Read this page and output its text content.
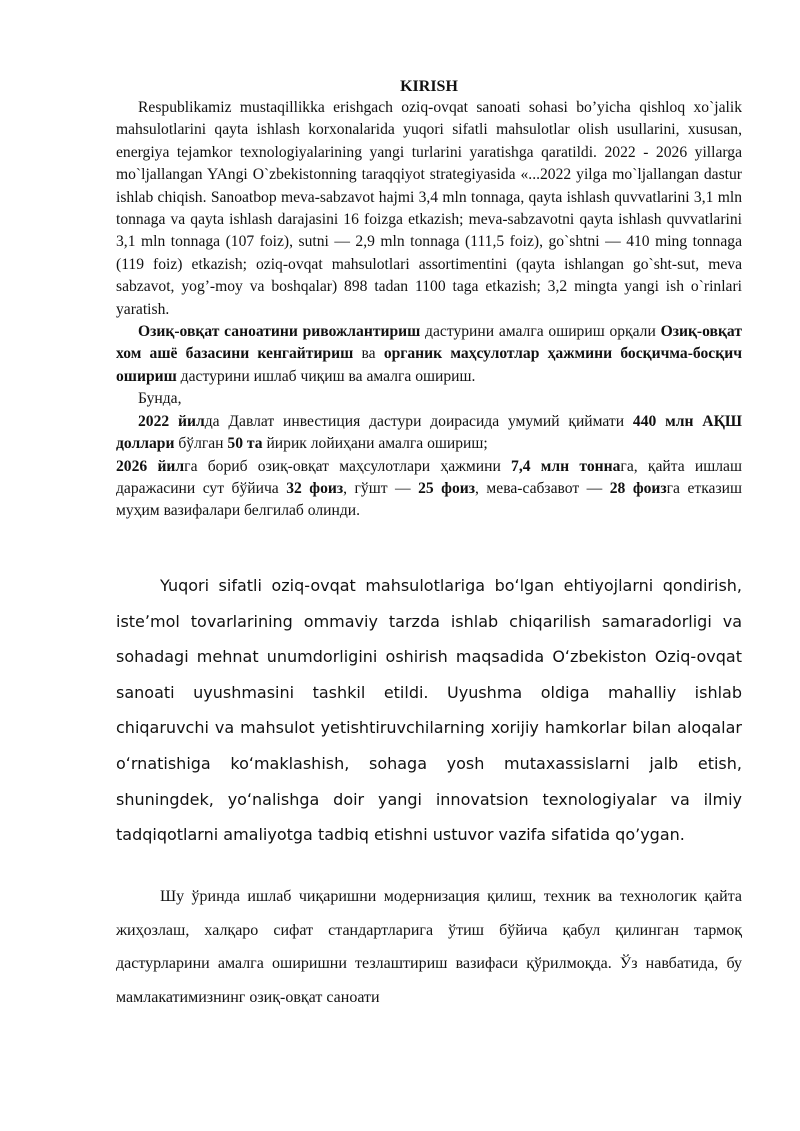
KIRISH

Respublikamiz mustaqillikka erishgach oziq-ovqat sanoati sohasi bo’yicha qishloq xo`jalik mahsulotlarini qayta ishlash korxonalarida yuqori sifatli mahsulotlar olish usullarini, xususan, energiya tejamkor texnologiyalarining yangi turlarini yaratishga qaratildi. 2022 - 2026 yillarga mo`ljallangan YAngi O`zbekistonning taraqqiyot strategiyasida «...2022 yilga mo`ljallangan dastur ishlab chiqish. Sanoatbop meva-sabzavot hajmi 3,4 mln tonnaga, qayta ishlash quvvatlarini 3,1 mln tonnaga va qayta ishlash darajasini 16 foizga etkazish; meva-sabzavotni qayta ishlash quvvatlarini 3,1 mln tonnaga (107 foiz), sutni — 2,9 mln tonnaga (111,5 foiz), go`shtni — 410 ming tonnaga (119 foiz) etkazish; oziq-ovqat mahsulotlari assortimentini (qayta ishlangan go`sht-sut, meva sabzavot, yog’-moy va boshqalar) 898 tadan 1100 taga etkazish; 3,2 mingta yangi ish o`rinlari yaratish.

Озиқ-овқат саноатини ривожлантириш дастурини амалга ошириш орқали Озиқ-овқат хом ашё базасини кенгайтириш ва органик маҳсулотлар ҳажмини босқичма-босқич ошириш дастурини ишлаб чиқиш ва амалга ошириш.

Бунда,

2022 йилда Давлат инвестиция дастури доирасида умумий қиймати 440 млн АҚШ доллари бўлган 50 та йирик лойиҳани амалга ошириш;

2026 йилга бориб озиқ-овқат маҳсулотлари ҳажмини 7,4 млн тоннага, қайта ишлаш даражасини сут бўйича 32 фоиз, гўшт — 25 фоиз, мева-сабзавот — 28 фоизга етказиш муҳим вазифалари белгилаб олинди.

Yuqori sifatli oziq-ovqat mahsulotlariga boʻlgan ehtiyojlarni qondirish, isteʼmol tovarlarining ommaviy tarzda ishlab chiqarilish samaradorligi va sohadagi mehnat unumdorligini oshirish maqsadida Oʻzbekiston Oziq-ovqat sanoati uyushmasini tashkil etildi. Uyushma oldiga mahalliy ishlab chiqaruvchi va mahsulot yetishtiruvchilarning xorijiy hamkorlar bilan aloqalar oʻrnatishiga koʻmaklashish, sohaga yosh mutaxassislarni jalb etish, shuningdek, yoʻnalishga doir yangi innovatsion texnologiyalar va ilmiy tadqiqotlarni amaliyotga tadbiq etishni ustuvor vazifa sifatida qo’ygan.
Шу ўринда ишлаб чиқаришни модернизация қилиш, техник ва технологик қайта жиҳозлаш, халқаро сифат стандартларига ўтиш бўйича қабул қилинган тармоқ дастурларини амалга оширишни тезлаштириш вазифаси қўрилмоқда. Ўз навбатида, бу мамлакатимизнинг озиқ-овқат саноати
